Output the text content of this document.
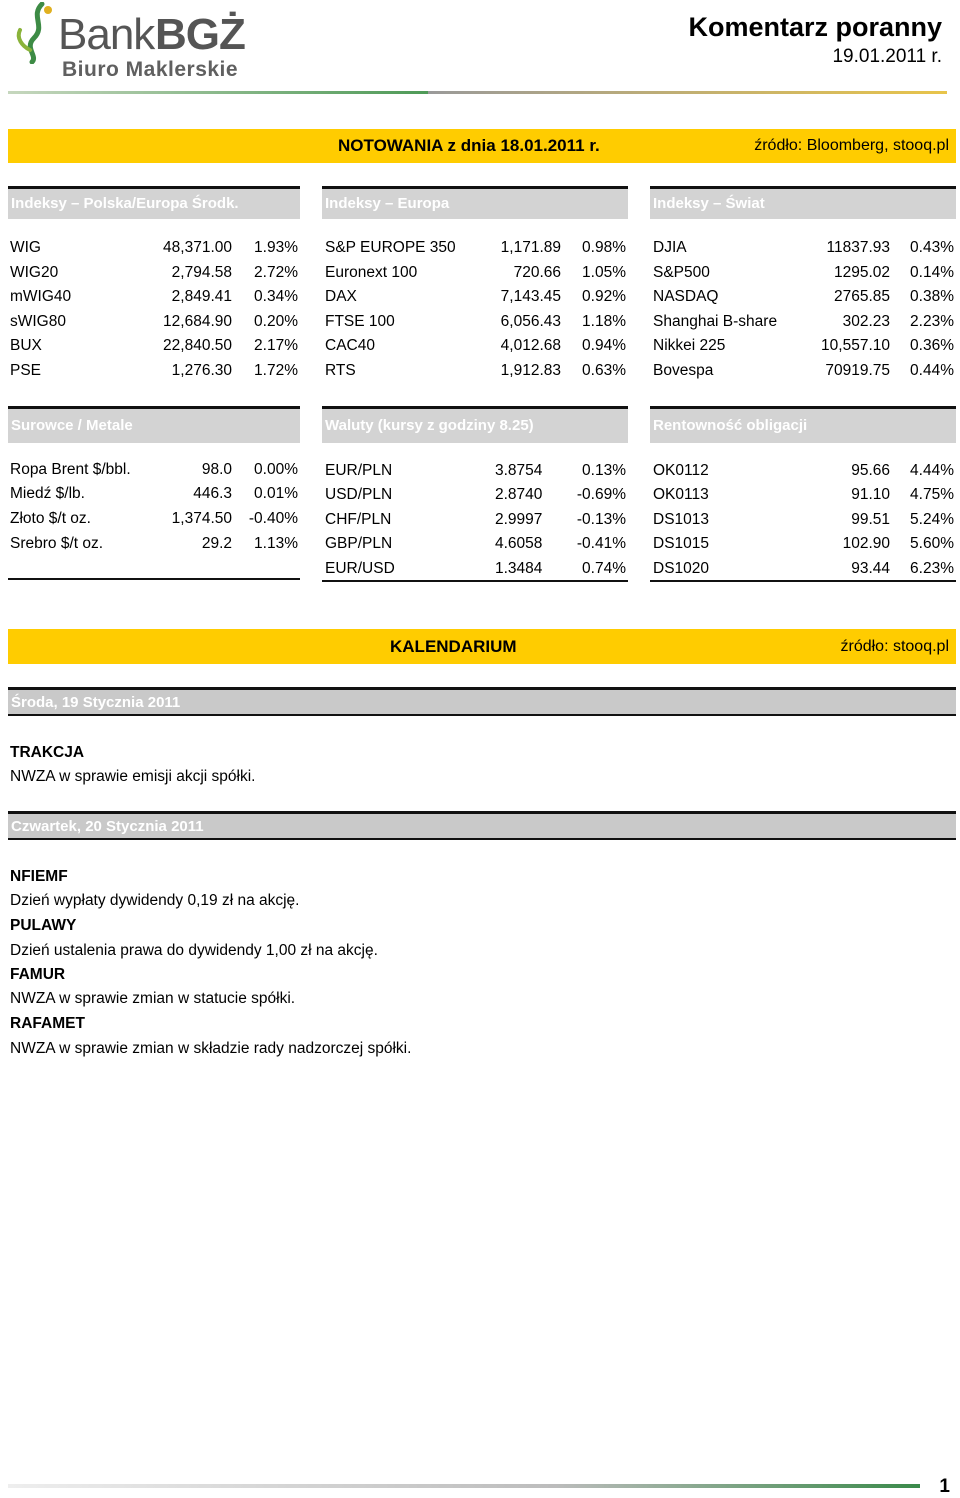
Bank BGŻ
Biuro Maklerskie
Komentarz poranny
19.01.2011 r.
NOTOWANIA z dnia 18.01.2011 r.	źródło: Bloomberg, stooq.pl
Indeksy – Polska/Europa Środk.	Indeksy – Europa	Indeksy – Świat
WIG	48,371.00 1.93%
WIG20	2,794.58 2.72%
mWIG40	2,849.41 0.34%
sWIG80	12,684.90 0.20%
BUX	22,840.50 2.17%
PSE	1,276.30 1.72%
S&P EUROPE 350	1,171.89 0.98%
Euronext 100	720.66 1.05%
DAX	7,143.45 0.92%
FTSE 100	6,056.43 1.18%
CAC40	4,012.68 0.94%
RTS	1,912.83 0.63%
DJIA	11837.93 0.43%
S&P500	1295.02 0.14%
NASDAQ	2765.85 0.38%
Shanghai B-share	302.23 2.23%
Nikkei 225	10,557.10 0.36%
Bovespa	70919.75 0.44%
Surowce / Metale	Waluty (kursy z godziny 8.25)	Rentowność obligacji
Ropa Brent $/bbl.	98.0 0.00%
Miedź $/lb.	446.3 0.01%
Złoto $/t oz.	1,374.50 -0.40%
Srebro $/t oz.	29.2 1.13%
EUR/PLN	3.8754	0.13%
USD/PLN	2.8740 -0.69%
CHF/PLN	2.9997 -0.13%
GBP/PLN	4.6058 -0.41%
EUR/USD	1.3484	0.74%
OK0112	95.66 4.44%
OK0113	91.10 4.75%
DS1013	99.51 5.24%
DS1015	102.90 5.60%
DS1020	93.44 6.23%
KALENDARIUM	źródło: stooq.pl
Środa, 19 Stycznia 2011
TRAKCJA
NWZA w sprawie emisji akcji spółki.
Czwartek, 20 Stycznia 2011
NFIEMF
Dzień wypłaty dywidendy 0,19 zł na akcję.
PULAWY
Dzień ustalenia prawa do dywidendy 1,00 zł na akcję.
FAMUR
NWZA w sprawie zmian w statucie spółki.
RAFAMET
NWZA w sprawie zmian w składzie rady nadzorczej spółki.
1
